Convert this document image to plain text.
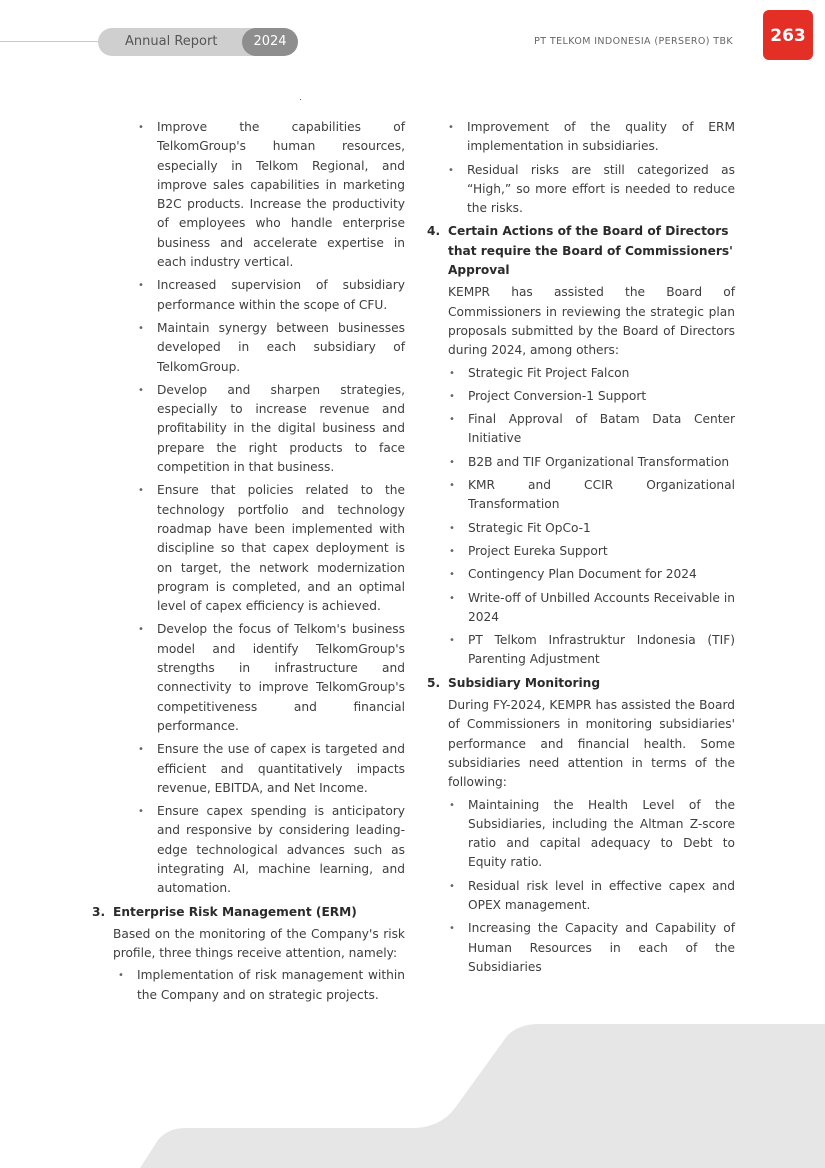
Annual Report	2024	PT TELKOM INDONESIA (PERSERO) TBK	263
• Improve the capabilities of TelkomGroup's human resources, especially in Telkom Regional, and improve sales capabilities in marketing B2C products. Increase the productivity of employees who handle enterprise business and accelerate expertise in each industry vertical.
• Increased supervision of subsidiary performance within the scope of CFU.
• Maintain synergy between businesses developed in each subsidiary of TelkomGroup.
• Develop and sharpen strategies, especially to increase revenue and profitability in the digital business and prepare the right products to face competition in that business.
• Ensure that policies related to the technology portfolio and technology roadmap have been implemented with discipline so that capex deployment is on target, the network modernization program is completed, and an optimal level of capex efficiency is achieved.
• Develop the focus of Telkom's business model and identify TelkomGroup's strengths in infrastructure and connectivity to improve TelkomGroup's competitiveness and financial performance.
• Ensure the use of capex is targeted and efficient and quantitatively impacts revenue, EBITDA, and Net Income.
• Ensure capex spending is anticipatory and responsive by considering leading-edge technological advances such as integrating AI, machine learning, and automation.
3. Enterprise Risk Management (ERM)

Based on the monitoring of the Company's risk profile, three things receive attention, namely:

• Implementation of risk management within the Company and on strategic projects.
• Improvement of the quality of ERM implementation in subsidiaries.
• Residual risks are still categorized as “High,” so more effort is needed to reduce the risks.
4. Certain Actions of the Board of Directors that require the Board of Commissioners' Approval

KEMPR has assisted the Board of Commissioners in reviewing the strategic plan proposals submitted by the Board of Directors during 2024, among others:

• Strategic Fit Project Falcon
• Project Conversion-1 Support
• Final Approval of Batam Data Center Initiative
• B2B and TIF Organizational Transformation
• KMR and CCIR Organizational Transformation
• Strategic Fit OpCo-1
• Project Eureka Support
• Contingency Plan Document for 2024
• Write-off of Unbilled Accounts Receivable in 2024
• PT Telkom Infrastruktur Indonesia (TIF) Parenting Adjustment
5. Subsidiary Monitoring

During FY-2024, KEMPR has assisted the Board of Commissioners in monitoring subsidiaries' performance and financial health. Some subsidiaries need attention in terms of the following:

• Maintaining the Health Level of the Subsidiaries, including the Altman Z-score ratio and capital adequacy to Debt to Equity ratio.
• Residual risk level in effective capex and OPEX management.
• Increasing the Capacity and Capability of Human Resources in each of the Subsidiaries
